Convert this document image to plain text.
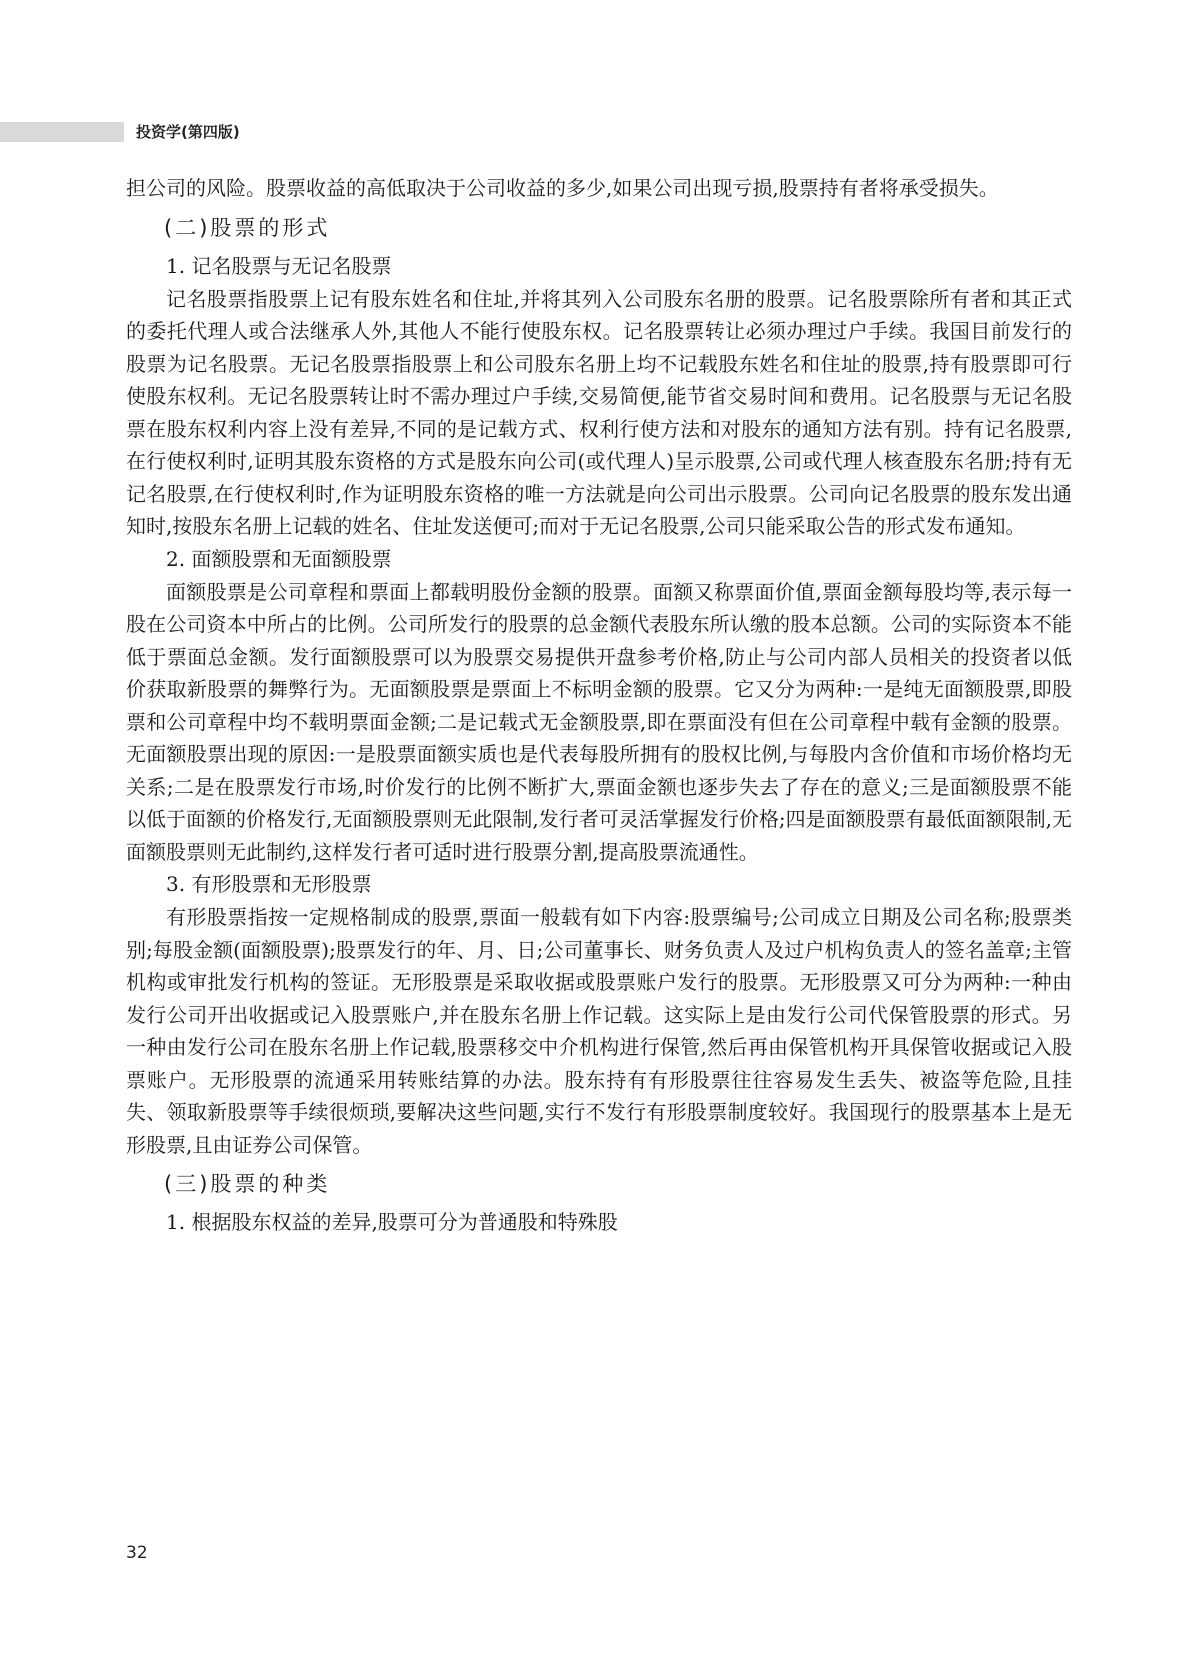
投资学(第四版)

担公司的风险。股票收益的高低取决于公司收益的多少,如果公司出现亏损,股票持有者将承受损失。

(二)股票的形式
1. 记名股票与无记名股票

记名股票指股票上记有股东姓名和住址,并将其列入公司股东名册的股票。记名股票除所有者和其正式的委托代理人或合法继承人外,其他人不能行使股东权。记名股票转让必须办理过户手续。我国目前发行的股票为记名股票。无记名股票指股票上和公司股东名册上均不记载股东姓名和住址的股票,持有股票即可行使股东权利。无记名股票转让时不需办理过户手续,交易简便,能节省交易时间和费用。记名股票与无记名股票在股东权利内容上没有差异,不同的是记载方式、权利行使方法和对股东的通知方法有别。持有记名股票,在行使权利时,证明其股东资格的方式是股东向公司(或代理人)呈示股票,公司或代理人核查股东名册;持有无记名股票,在行使权利时,作为证明股东资格的唯一方法就是向公司出示股票。公司向记名股票的股东发出通知时,按股东名册上记载的姓名、住址发送便可;而对于无记名股票,公司只能采取公告的形式发布通知。

2. 面额股票和无面额股票

面额股票是公司章程和票面上都载明股份金额的股票。面额又称票面价值,票面金额每股均等,表示每一股在公司资本中所占的比例。公司所发行的股票的总金额代表股东所认缴的股本总额。公司的实际资本不能低于票面总金额。发行面额股票可以为股票交易提供开盘参考价格,防止与公司内部人员相关的投资者以低价获取新股票的舞弊行为。无面额股票是票面上不标明金额的股票。它又分为两种:一是纯无面额股票,即股票和公司章程中均不载明票面金额;二是记载式无金额股票,即在票面没有但在公司章程中载有金额的股票。无面额股票出现的原因:一是股票面额实质也是代表每股所拥有的股权比例,与每股内含价值和市场价格均无关系;二是在股票发行市场,时价发行的比例不断扩大,票面金额也逐步失去了存在的意义;三是面额股票不能以低于面额的价格发行,无面额股票则无此限制,发行者可灵活掌握发行价格;四是面额股票有最低面额限制,无面额股票则无此制约,这样发行者可适时进行股票分割,提高股票流通性。

3. 有形股票和无形股票

有形股票指按一定规格制成的股票,票面一般载有如下内容:股票编号;公司成立日期及公司名称;股票类别;每股金额(面额股票);股票发行的年、月、日;公司董事长、财务负责人及过户机构负责人的签名盖章;主管机构或审批发行机构的签证。无形股票是采取收据或股票账户发行的股票。无形股票又可分为两种:一种由发行公司开出收据或记入股票账户,并在股东名册上作记载。这实际上是由发行公司代保管股票的形式。另一种由发行公司在股东名册上作记载,股票移交中介机构进行保管,然后再由保管机构开具保管收据或记入股票账户。无形股票的流通采用转账结算的办法。股东持有有形股票往往容易发生丢失、被盗等危险,且挂失、领取新股票等手续很烦琐,要解决这些问题,实行不发行有形股票制度较好。我国现行的股票基本上是无形股票,且由证券公司保管。

(三)股票的种类
1. 根据股东权益的差异,股票可分为普通股和特殊股
32
